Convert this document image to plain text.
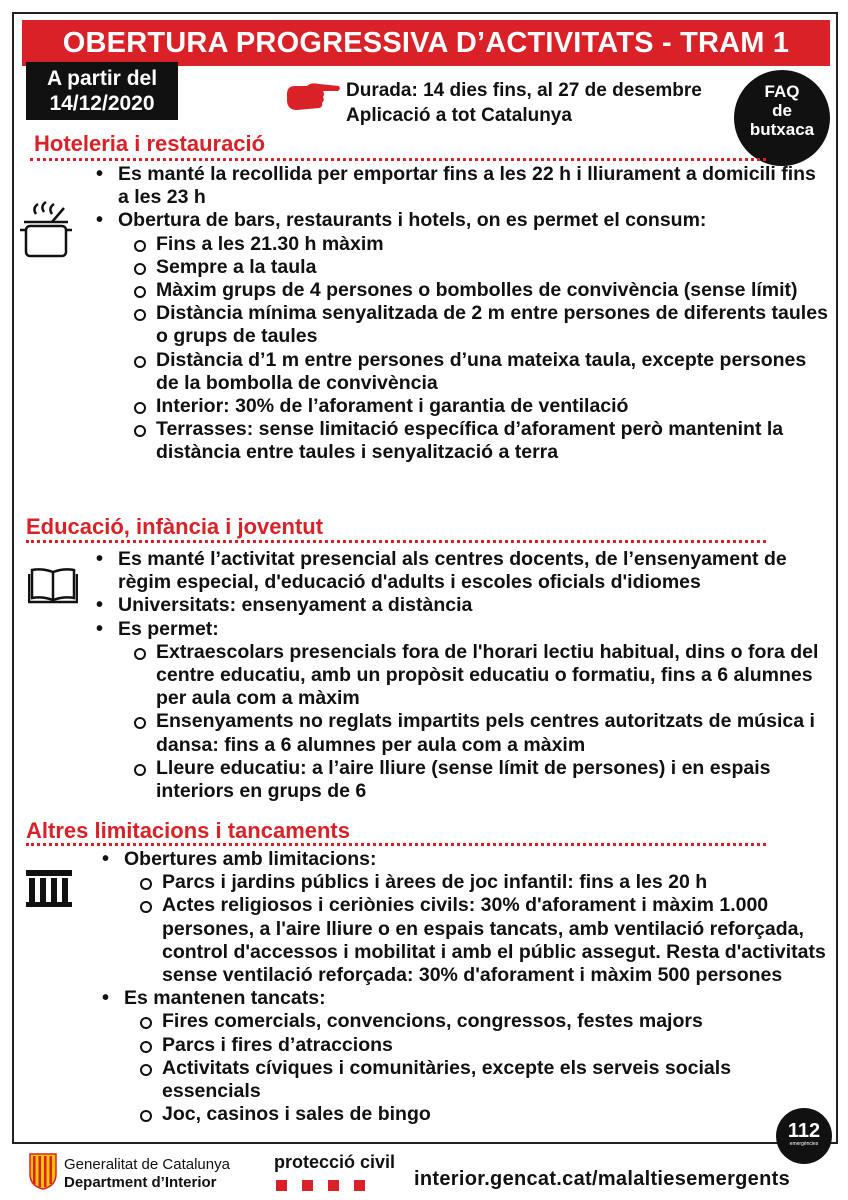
OBERTURA PROGRESSIVA D’ACTIVITATS - TRAM 1
A partir del
14/12/2020
Durada: 14 dies fins, al 27 de desembre
Aplicació a tot Catalunya
FAQ
de
butxaca
Hoteleria i restauració
• Es manté la recollida per emportar fins a les 22 h i lliurament a domicili fins a les 23 h
• Obertura de bars, restaurants i hotels, on es permet el consum:
Fins a les 21.30 h màxim
Sempre a la taula
Màxim grups de 4 persones o bombolles de convivència (sense límit)
Distància mínima senyalitzada de 2 m entre persones de diferents taules o grups de taules
Distància d’1 m entre persones d’una mateixa taula, excepte persones de la bombolla de convivència
Interior: 30% de l’aforament i garantia de ventilació
Terrasses: sense limitació específica d’aforament però mantenint la distància entre taules i senyalització a terra
Educació, infància i joventut
• Es manté l’activitat presencial als centres docents, de l’ensenyament de règim especial, d'educació d'adults i escoles oficials d'idiomes
• Universitats: ensenyament a distància
• Es permet:
Extraescolars presencials fora de l'horari lectiu habitual, dins o fora del centre educatiu, amb un propòsit educatiu o formatiu, fins a 6 alumnes per aula com a màxim
Ensenyaments no reglats impartits pels centres autoritzats de música i dansa: fins a 6 alumnes per aula com a màxim
Lleure educatiu: a l’aire lliure (sense límit de persones) i en espais interiors en grups de 6
Altres limitacions i tancaments
• Obertures amb limitacions:
Parcs i jardins públics i àrees de joc infantil: fins a les 20 h
Actes religiosos i ceriònies civils: 30% d'aforament i màxim 1.000 persones, a l'aire lliure o en espais tancats, amb ventilació reforçada, control d'accessos i mobilitat i amb el públic assegut. Resta d'activitats sense ventilació reforçada: 30% d'aforament i màxim 500 persones
• Es mantenen tancats:
Fires comercials, convencions, congressos, festes majors
Parcs i fires d’atraccions
Activitats cíviques i comunitàries, excepte els serveis socials essencials
Joc, casinos i sales de bingo
112
emergències
Generalitat de Catalunya
Department d’Interior
protecció civil
interior.gencat.cat/malaltiesemergents
